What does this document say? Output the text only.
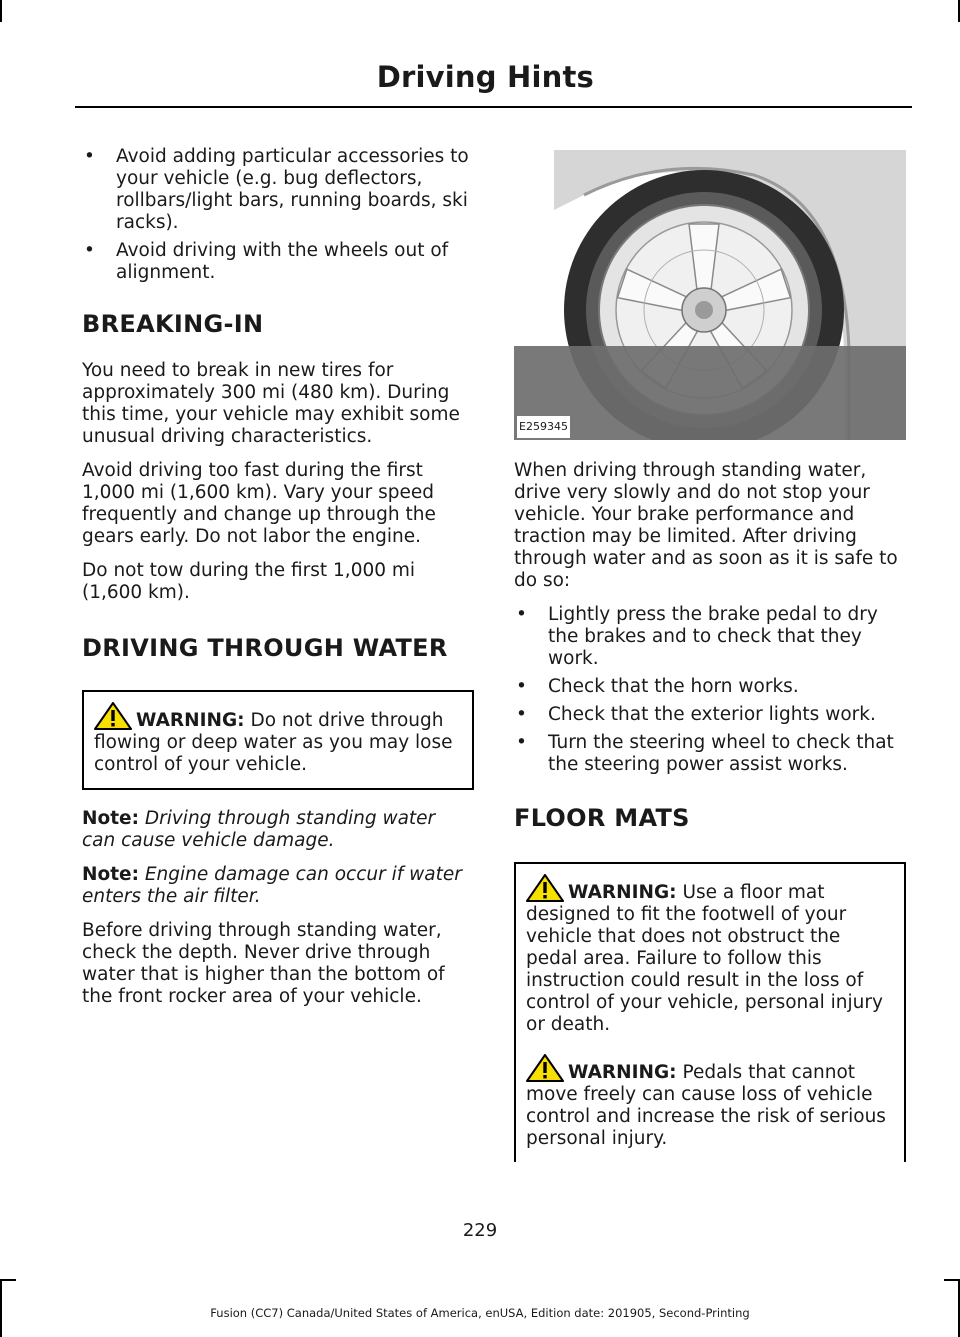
Driving Hints
• Avoid adding particular accessories to your vehicle (e.g. bug deflectors, rollbars/light bars, running boards, ski racks).
• Avoid driving with the wheels out of alignment.
BREAKING-IN

You need to break in new tires for approximately 300 mi (480 km). During this time, your vehicle may exhibit some unusual driving characteristics.

Avoid driving too fast during the first 1,000 mi (1,600 km). Vary your speed frequently and change up through the gears early. Do not labor the engine.

Do not tow during the first 1,000 mi (1,600 km).

DRIVING THROUGH WATER
WARNING: Do not drive through flowing or deep water as you may lose control of your vehicle.

Note: Driving through standing water can cause vehicle damage.

Note: Engine damage can occur if water enters the air filter.

Before driving through standing water, check the depth. Never drive through water that is higher than the bottom of the front rocker area of your vehicle.

E259345

When driving through standing water, drive very slowly and do not stop your vehicle. Your brake performance and traction may be limited. After driving through water and as soon as it is safe to do so:

• Lightly press the brake pedal to dry the brakes and to check that they work.
• Check that the horn works.
• Check that the exterior lights work.
• Turn the steering wheel to check that the steering power assist works.
FLOOR MATS
WARNING: Use a floor mat designed to fit the footwell of your vehicle that does not obstruct the pedal area. Failure to follow this instruction could result in the loss of control of your vehicle, personal injury or death.
WARNING: Pedals that cannot move freely can cause loss of vehicle control and increase the risk of serious personal injury.
229
Fusion (CC7) Canada/United States of America, enUSA, Edition date: 201905, Second-Printing
